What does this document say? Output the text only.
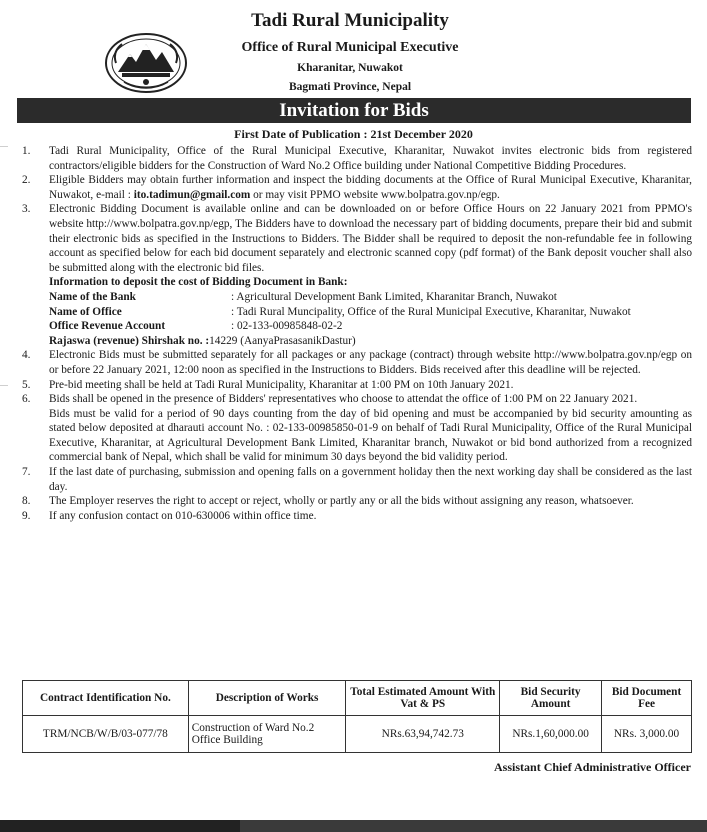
Tadi Rural Municipality
Office of Rural Municipal Executive
Kharanitar, Nuwakot
Bagmati Province, Nepal
Invitation for Bids
First Date of Publication : 21st December 2020
1. Tadi Rural Municipality, Office of the Rural Municipal Executive, Kharanitar, Nuwakot invites electronic bids from registered contractors/eligible bidders for the Construction of Ward No.2 Office building under National Competitive Bidding Procedures.
2. Eligible Bidders may obtain further information and inspect the bidding documents at the Office of Rural Municipal Executive, Kharanitar, Nuwakot, e-mail : ito.tadimun@gmail.com or may visit PPMO website www.bolpatra.gov.np/egp.
3. Electronic Bidding Document is available online and can be downloaded on or before Office Hours on 22 January 2021 from PPMO's website http://www.bolpatra.gov.np/egp, The Bidders have to download the necessary part of bidding documents, prepare their bid and submit their electronic bids as specified in the Instructions to Bidders. The Bidder shall be required to deposit the non-refundable fee in following account as specified below for each bid document separately and electronic scanned copy (pdf format) of the Bank deposit voucher shall also be submitted along with the electronic bid files.
Information to deposit the cost of Bidding Document in Bank:
Name of the Bank	: Agricultural Development Bank Limited, Kharanitar Branch, Nuwakot
Name of Office	: Tadi Rural Muncipality, Office of the Rural Municipal Executive, Kharanitar, Nuwakot
Office Revenue Account	: 02-133-00985848-02-2
Rajaswa (revenue) Shirshak no. : 14229 (AanyaPrasasanikDastur)
4. Electronic Bids must be submitted separately for all packages or any package (contract) through website http://www.bolpatra.gov.np/egp on or before 22 January 2021, 12:00 noon as specified in the Instructions to Bidders. Bids received after this deadline will be rejected.
5. Pre-bid meeting shall be held at Tadi Rural Municipality, Kharanitar at 1:00 PM on 10th January 2021.
6. Bids shall be opened in the presence of Bidders' representatives who choose to attendat the office of 1:00 PM on 22 January 2021.
Bids must be valid for a period of 90 days counting from the day of bid opening and must be accompanied by bid security amounting as stated below deposited at dharauti account No. : 02-133-00985850-01-9 on behalf of Tadi Rural Municipality, Office of the Rural Municipal Executive, Kharanitar, at Agricultural Development Bank Limited, Kharanitar branch, Nuwakot or bid bond authorized from a recognized commercial bank of Nepal, which shall be valid for minimum 30 days beyond the bid validity period.
7. If the last date of purchasing, submission and opening falls on a government holiday then the next working day shall be considered as the last day.
8. The Employer reserves the right to accept or reject, wholly or partly any or all the bids without assigning any reason, whatsoever.
9. If any confusion contact on 010-630006 within office time.
Contract Identification No.	Description of Works	Total Estimated Amount With Vat & PS	Bid Security Amount	Bid Document Fee
TRM/NCB/W/B/03-077/78	Construction of Ward No.2 Office Building	NRs.63,94,742.73	NRs.1,60,000.00	NRs. 3,000.00
Assistant Chief Administrative Officer
